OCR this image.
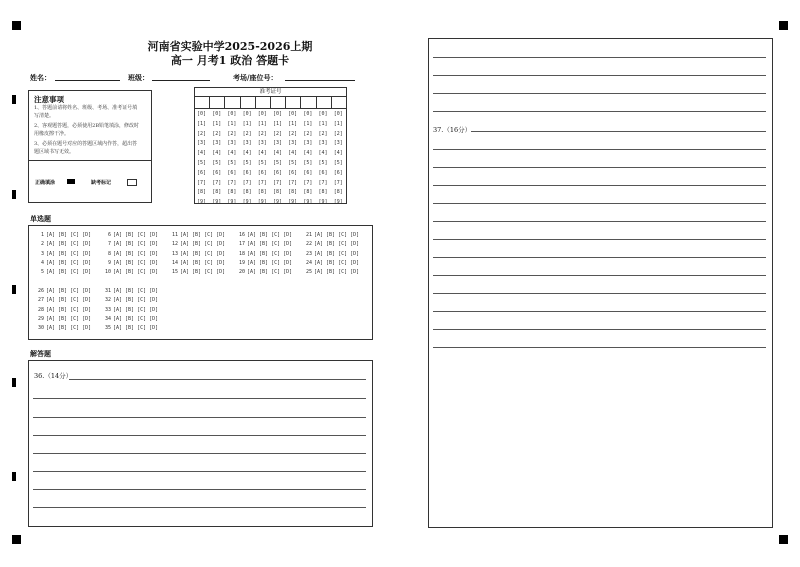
河南省实验中学2025-2026上期
高一 月考1 政治 答题卡
姓名：	班级：	考场/座位号：
注意事项
1、答题前请将姓名、班级、考场、准考证号填写清楚。
2、客观题答题，必须使用2B铅笔填涂，修改时用橡皮擦干净。
3、必须在题号对应的答题区域内作答，超出答题区域书写无效。
正确填涂	缺考标记
准考证号
[0]	[0]	[0]	[0]	[0]	[0]	[0]	[0]	[0]	[0]
[1]	[1]	[1]	[1]	[1]	[1]	[1]	[1]	[1]	[1]
[2]	[2]	[2]	[2]	[2]	[2]	[2]	[2]	[2]	[2]
[3]	[3]	[3]	[3]	[3]	[3]	[3]	[3]	[3]	[3]
[4]	[4]	[4]	[4]	[4]	[4]	[4]	[4]	[4]	[4]
[5]	[5]	[5]	[5]	[5]	[5]	[5]	[5]	[5]	[5]
[6]	[6]	[6]	[6]	[6]	[6]	[6]	[6]	[6]	[6]
[7]	[7]	[7]	[7]	[7]	[7]	[7]	[7]	[7]	[7]
[8]	[8]	[8]	[8]	[8]	[8]	[8]	[8]	[8]	[8]
[9]	[9]	[9]	[9]	[9]	[9]	[9]	[9]	[9]	[9]
单选题
1 [A] [B] [C] [D]
2 [A] [B] [C] [D]
3 [A] [B] [C] [D]
4 [A] [B] [C] [D]
5 [A] [B] [C] [D]
6 [A] [B] [C] [D]
7 [A] [B] [C] [D]
8 [A] [B] [C] [D]
9 [A] [B] [C] [D]
10 [A] [B] [C] [D]
11 [A] [B] [C] [D]
12 [A] [B] [C] [D]
13 [A] [B] [C] [D]
14 [A] [B] [C] [D]
15 [A] [B] [C] [D]
16 [A] [B] [C] [D]
17 [A] [B] [C] [D]
18 [A] [B] [C] [D]
19 [A] [B] [C] [D]
20 [A] [B] [C] [D]
21 [A] [B] [C] [D]
22 [A] [B] [C] [D]
23 [A] [B] [C] [D]
24 [A] [B] [C] [D]
25 [A] [B] [C] [D]
26 [A] [B] [C] [D]
27 [A] [B] [C] [D]
28 [A] [B] [C] [D]
29 [A] [B] [C] [D]
30 [A] [B] [C] [D]
31 [A] [B] [C] [D]
32 [A] [B] [C] [D]
33 [A] [B] [C] [D]
34 [A] [B] [C] [D]
35 [A] [B] [C] [D]
解答题
36.（14分）
37.（16分）
